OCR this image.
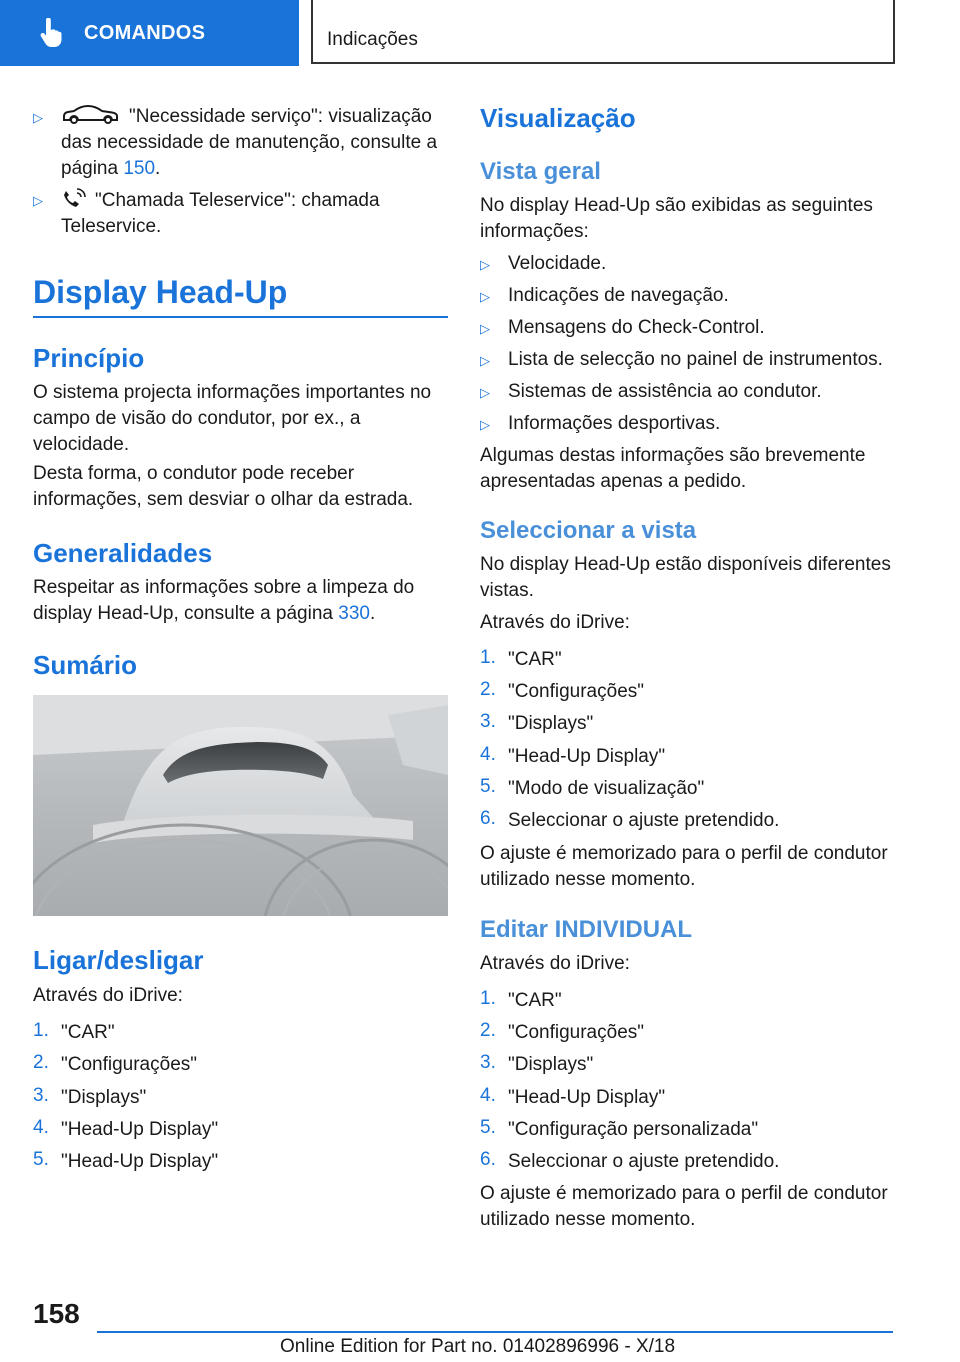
COMANDOS	Indicações
▷	"Necessidade serviço": visualização das necessidade de manutenção, consulte a página 150.

▷	"Chamada Teleservice": chamada Teleservice.

Display Head-Up
Princípio

O sistema projecta informações importantes no campo de visão do condutor, por ex., a velocidade.

Desta forma, o condutor pode receber informações, sem desviar o olhar da estrada.

Generalidades

Respeitar as informações sobre a limpeza do display Head-Up, consulte a página 330.

Sumário
Ligar/desligar

Através do iDrive:

1. "CAR"
2. "Configurações"
3. "Displays"
4. "Head-Up Display"
5. "Head-Up Display"
Visualização
Vista geral

No display Head-Up são exibidas as seguintes informações:

▷ Velocidade.
▷ Indicações de navegação.
▷ Mensagens do Check-Control.
▷ Lista de selecção no painel de instrumentos.
▷ Sistemas de assistência ao condutor.
▷ Informações desportivas.

Algumas destas informações são brevemente apresentadas apenas a pedido.

Seleccionar a vista

No display Head-Up estão disponíveis diferentes vistas.

Através do iDrive:

1. "CAR"
2. "Configurações"
3. "Displays"
4. "Head-Up Display"
5. "Modo de visualização"
6. Seleccionar o ajuste pretendido.

O ajuste é memorizado para o perfil de condutor utilizado nesse momento.

Editar INDIVIDUAL

Através do iDrive:

1. "CAR"
2. "Configurações"
3. "Displays"
4. "Head-Up Display"
5. "Configuração personalizada"
6. Seleccionar o ajuste pretendido.

O ajuste é memorizado para o perfil de condutor utilizado nesse momento.

158
Online Edition for Part no. 01402896996 - X/18
